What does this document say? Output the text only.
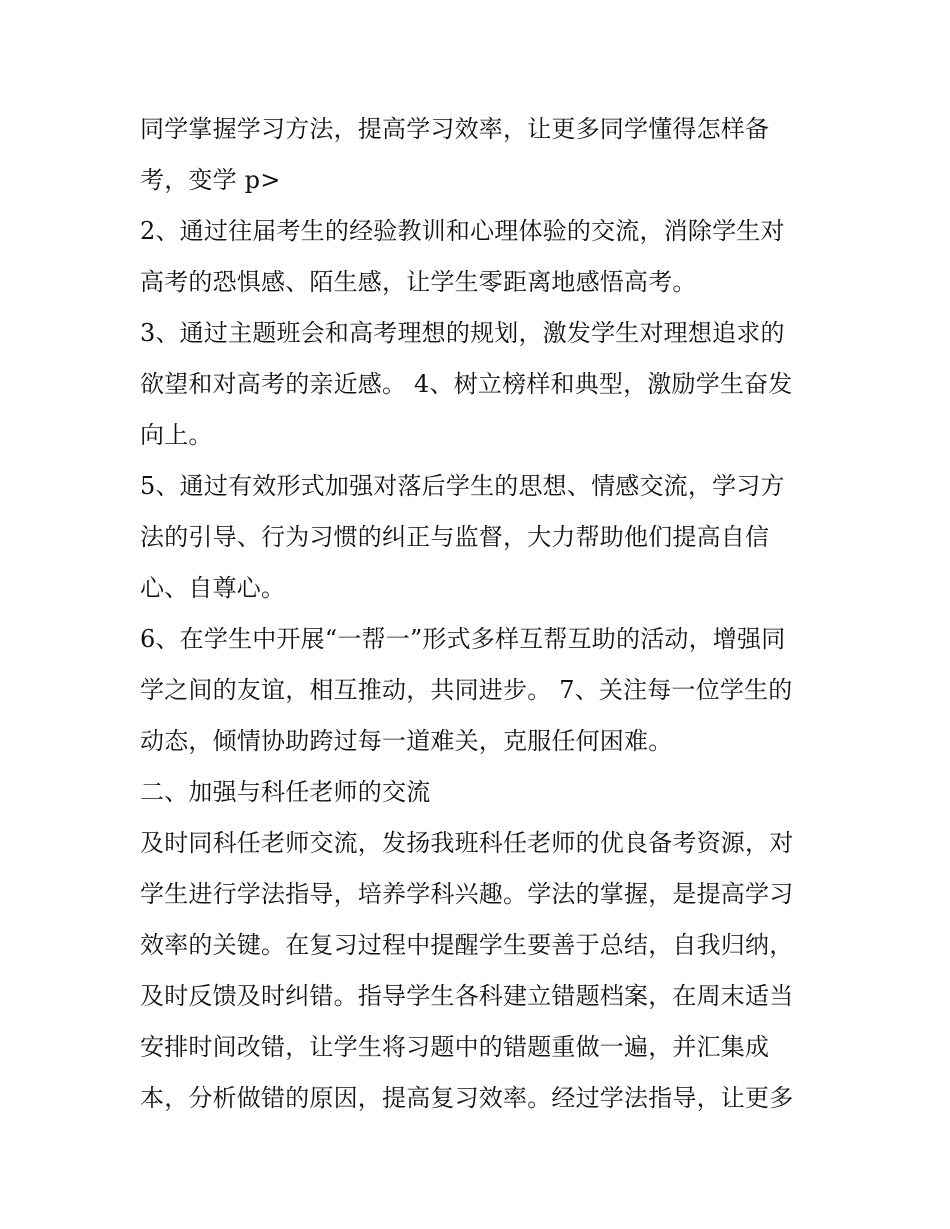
同学掌握学习方法，提高学习效率，让更多同学懂得怎样备
考，变学 p>
2、通过往届考生的经验教训和心理体验的交流，消除学生对
高考的恐惧感、陌生感，让学生零距离地感悟高考。
3、通过主题班会和高考理想的规划，激发学生对理想追求的
欲望和对高考的亲近感。 4、树立榜样和典型，激励学生奋发
向上。
5、通过有效形式加强对落后学生的思想、情感交流，学习方
法的引导、行为习惯的纠正与监督，大力帮助他们提高自信
心、自尊心。
6、在学生中开展“一帮一”形式多样互帮互助的活动，增强同
学之间的友谊，相互推动，共同进步。 7、关注每一位学生的
动态，倾情协助跨过每一道难关，克服任何困难。
二、加强与科任老师的交流
及时同科任老师交流，发扬我班科任老师的优良备考资源，对
学生进行学法指导，培养学科兴趣。学法的掌握，是提高学习
效率的关键。在复习过程中提醒学生要善于总结，自我归纳，
及时反馈及时纠错。指导学生各科建立错题档案，在周末适当
安排时间改错，让学生将习题中的错题重做一遍，并汇集成
本，分析做错的原因，提高复习效率。经过学法指导，让更多
